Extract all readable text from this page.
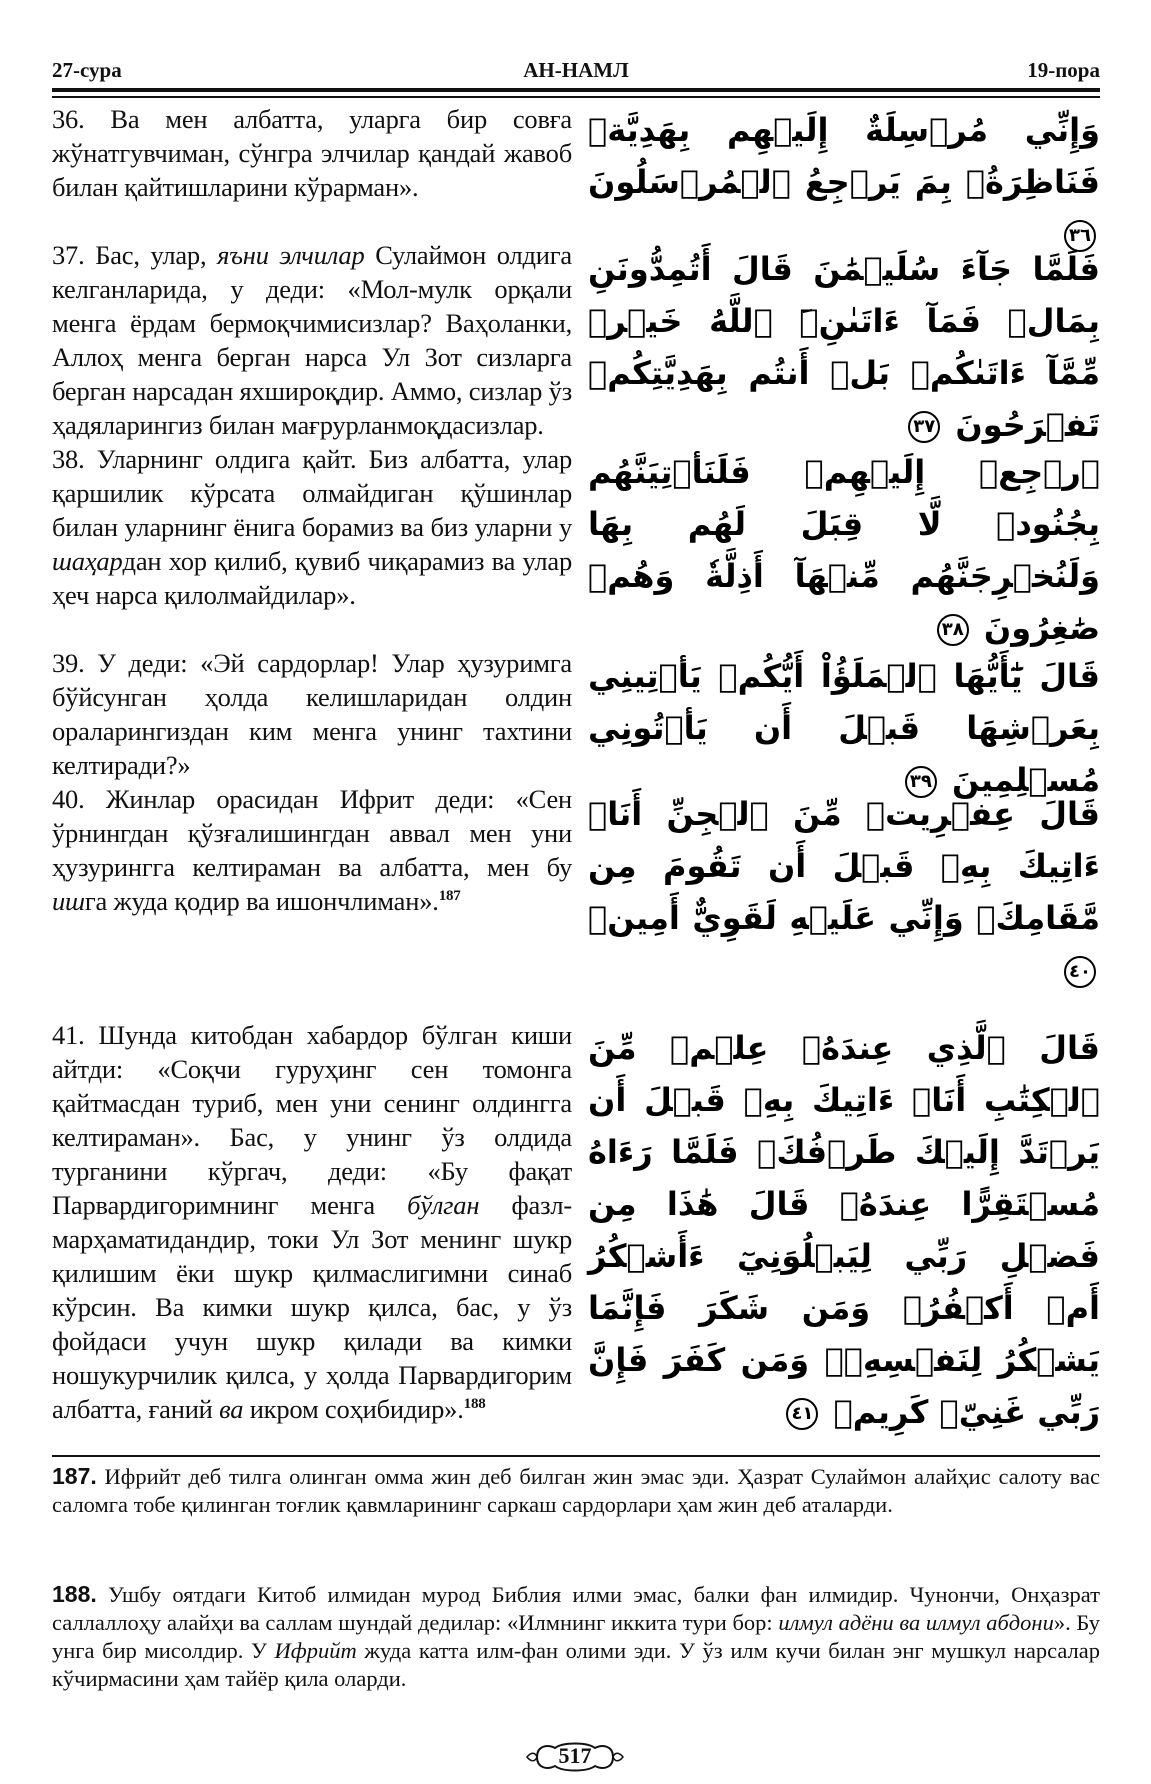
27-сура	АН-НАМЛ	19-пора
36. Ва мен албатта, уларга бир совға жўнатгувчиман, сўнгра элчилар қандай жавоб билан қайтишларини кўрарман».
وَإِنِّي مُرۡسِلَةٌ إِلَيۡهِم بِهَدِيَّةٖ فَنَاظِرَةُۢ بِمَ يَرۡجِعُ ٱلۡمُرۡسَلُونَ ٣٦
37. Бас, улар, яъни элчилар Сулаймон олдига келганларида, у деди: «Мол-мулк орқали менга ёрдам бермоқчимисизлар? Ваҳоланки, Аллоҳ менга берган нарса Ул Зот сизларга берган нарсадан яхшироқдир. Аммо, сизлар ўз ҳадяларингиз билан мағрурланмоқдасизлар.
فَلَمَّا جَآءَ سُلَيۡمَٰنَ قَالَ أَتُمِدُّونَنِ بِمَالٖ فَمَآ ءَاتَىٰنِۦَ ٱللَّهُ خَيۡرٞ مِّمَّآ ءَاتَىٰكُمۚ بَلۡ أَنتُم بِهَدِيَّتِكُمۡ تَفۡرَحُونَ ٣٧
38. Уларнинг олдига қайт. Биз албатта, улар қаршилик кўрсата олмайдиган қўшинлар билан уларнинг ёнига борамиз ва биз уларни у шаҳардан хор қилиб, қувиб чиқарамиз ва улар ҳеч нарса қилолмайдилар».
ٱرۡجِعۡ إِلَيۡهِمۡ فَلَنَأۡتِيَنَّهُم بِجُنُودٖ لَّا قِبَلَ لَهُم بِهَا وَلَنُخۡرِجَنَّهُم مِّنۡهَآ أَذِلَّةٗ وَهُمۡ صَٰغِرُونَ ٣٨
39. У деди: «Эй сардорлар! Улар ҳузуримга бўйсунган ҳолда келишларидан олдин ораларингиздан ким менга унинг тахтини келтиради?»
قَالَ يَٰٓأَيُّهَا ٱلۡمَلَؤُاْ أَيُّكُمۡ يَأۡتِينِي بِعَرۡشِهَا قَبۡلَ أَن يَأۡتُونِي مُسۡلِمِينَ ٣٩
40. Жинлар орасидан Ифрит деди: «Сен ўрнингдан қўзғалишингдан аввал мен уни ҳузурингга келтираман ва албатта, мен бу ишга жуда қодир ва ишончлиман».$^{187}$
قَالَ عِفۡرِيتٞ مِّنَ ٱلۡجِنِّ أَنَا۠ ءَاتِيكَ بِهِۦ قَبۡلَ أَن تَقُومَ مِن مَّقَامِكَۖ وَإِنِّي عَلَيۡهِ لَقَوِيٌّ أَمِينٞ ٤٠
41. Шунда китобдан хабардор бўлган киши айтди: «Соқчи гуруҳинг сен томонга қайтмасдан туриб, мен уни сенинг олдингга келтираман». Бас, у унинг ўз олдида турганини кўргач, деди: «Бу фақат Парвардигоримнинг менга бўлган фазл-марҳаматидандир, токи Ул Зот менинг шукр қилишим ёки шукр қилмаслигимни синаб кўрсин. Ва кимки шукр қилса, бас, у ўз фойдаси учун шукр қилади ва кимки ношукурчилик қилса, у ҳолда Парвардигорим албатта, ғаний ва икром соҳибидир».$^{188}$
قَالَ ٱلَّذِي عِندَهُۥ عِلۡمٞ مِّنَ ٱلۡكِتَٰبِ أَنَا۠ ءَاتِيكَ بِهِۦ قَبۡلَ أَن يَرۡتَدَّ إِلَيۡكَ طَرۡفُكَۚ فَلَمَّا رَءَاهُ مُسۡتَقِرًّا عِندَهُۥ قَالَ هَٰذَا مِن فَضۡلِ رَبِّي لِيَبۡلُوَنِيٓ ءَأَشۡكُرُ أَمۡ أَكۡفُرُۖ وَمَن شَكَرَ فَإِنَّمَا يَشۡكُرُ لِنَفۡسِهِۦۖ وَمَن كَفَرَ فَإِنَّ رَبِّي غَنِيّٞ كَرِيمٞ ٤١
187. Ифрийт деб тилга олинган омма жин деб билган жин эмас эди. Ҳазрат Сулаймон алайҳис салоту вас саломга тобе қилинган тоғлик қавмларининг саркаш сардорлари ҳам жин деб аталарди.
188. Ушбу оятдаги Китоб илмидан мурод Библия илми эмас, балки фан илмидир. Чунончи, Онҳазрат саллаллоҳу алайҳи ва саллам шундай дедилар: «Илмнинг иккита тури бор: илмул адёни ва илмул абдони». Бу унга бир мисолдир. У Ифрийт жуда катта илм-фан олими эди. У ўз илм кучи билан энг мушкул нарсалар кўчирмасини ҳам тайёр қила оларди.
517
